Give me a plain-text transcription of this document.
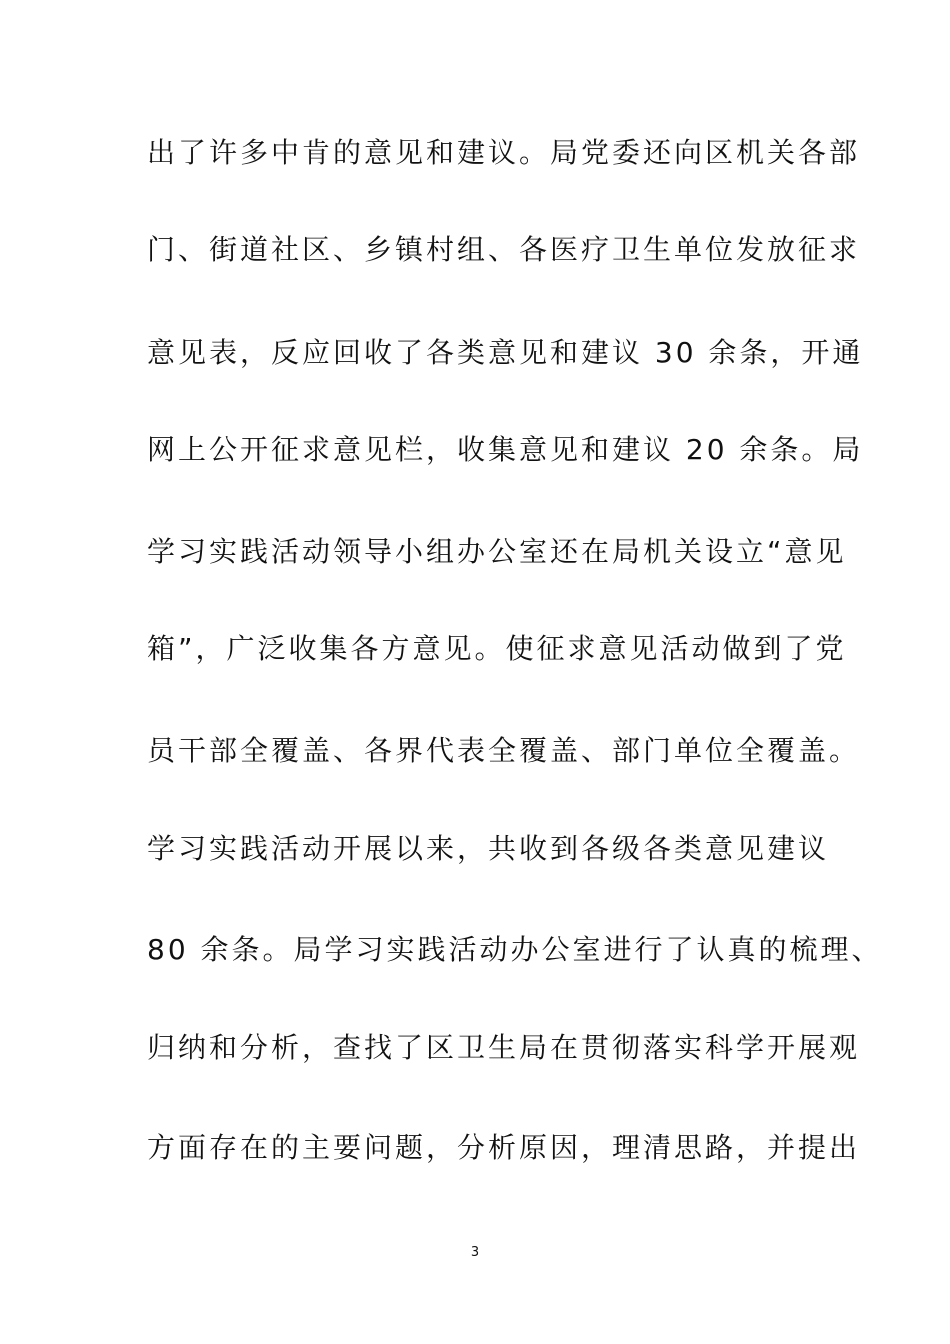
出了许多中肯的意见和建议。局党委还向区机关各部
门、街道社区、乡镇村组、各医疗卫生单位发放征求
意见表，反应回收了各类意见和建议 30 余条，开通
网上公开征求意见栏，收集意见和建议 20 余条。局
学习实践活动领导小组办公室还在局机关设立“意见
箱”，广泛收集各方意见。使征求意见活动做到了党
员干部全覆盖、各界代表全覆盖、部门单位全覆盖。
学习实践活动开展以来，共收到各级各类意见建议
80 余条。局学习实践活动办公室进行了认真的梳理、
归纳和分析，查找了区卫生局在贯彻落实科学开展观
方面存在的主要问题，分析原因，理清思路，并提出
3
